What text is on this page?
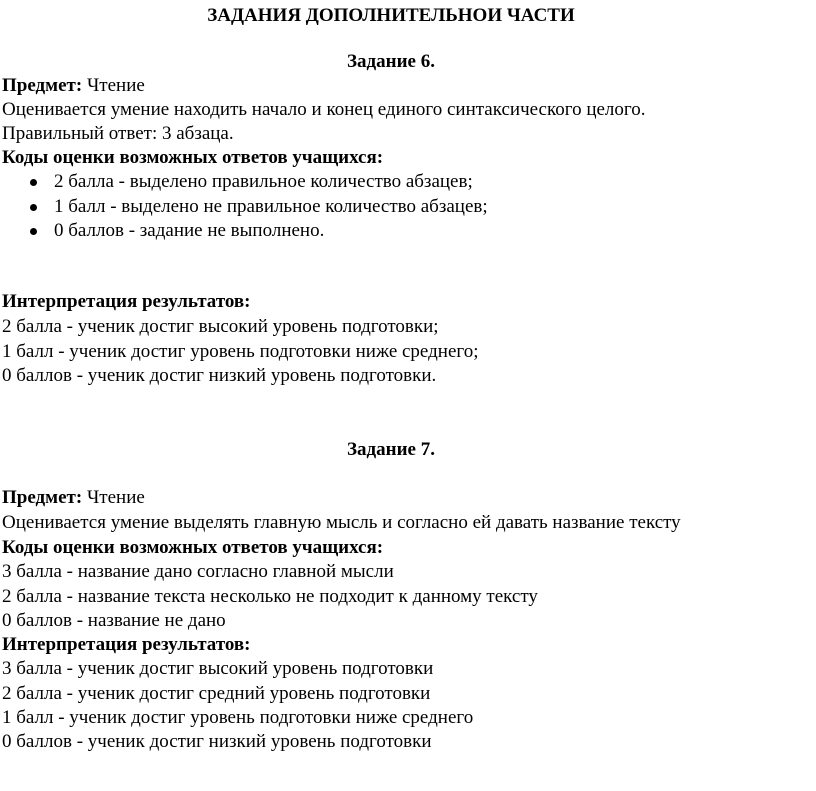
ЗАДАНИЯ ДОПОЛНИТЕЛЬНОИ ЧАСТИ
Задание 6.
Предмет: Чтение
Оценивается умение находить начало и конец единого синтаксического целого.
Правильный ответ: 3 абзаца.
Коды оценки возможных ответов учащихся:
2 балла - выделено правильное количество абзацев;
1 балл - выделено не правильное количество абзацев;
0 баллов - задание не выполнено.
Интерпретация результатов:
2 балла - ученик достиг высокий уровень подготовки;
1 балл - ученик достиг уровень подготовки ниже среднего;
0 баллов - ученик достиг низкий уровень подготовки.
Задание 7.
Предмет: Чтение
Оценивается умение выделять главную мысль и согласно ей давать название тексту
Коды оценки возможных ответов учащихся:
3 балла - название дано согласно главной мысли
2 балла - название текста несколько не подходит к данному тексту
0 баллов - название не дано
Интерпретация результатов:
3 балла - ученик достиг высокий уровень подготовки
2 балла - ученик достиг средний уровень подготовки
1 балл - ученик достиг уровень подготовки ниже среднего
0 баллов - ученик достиг низкий уровень подготовки
